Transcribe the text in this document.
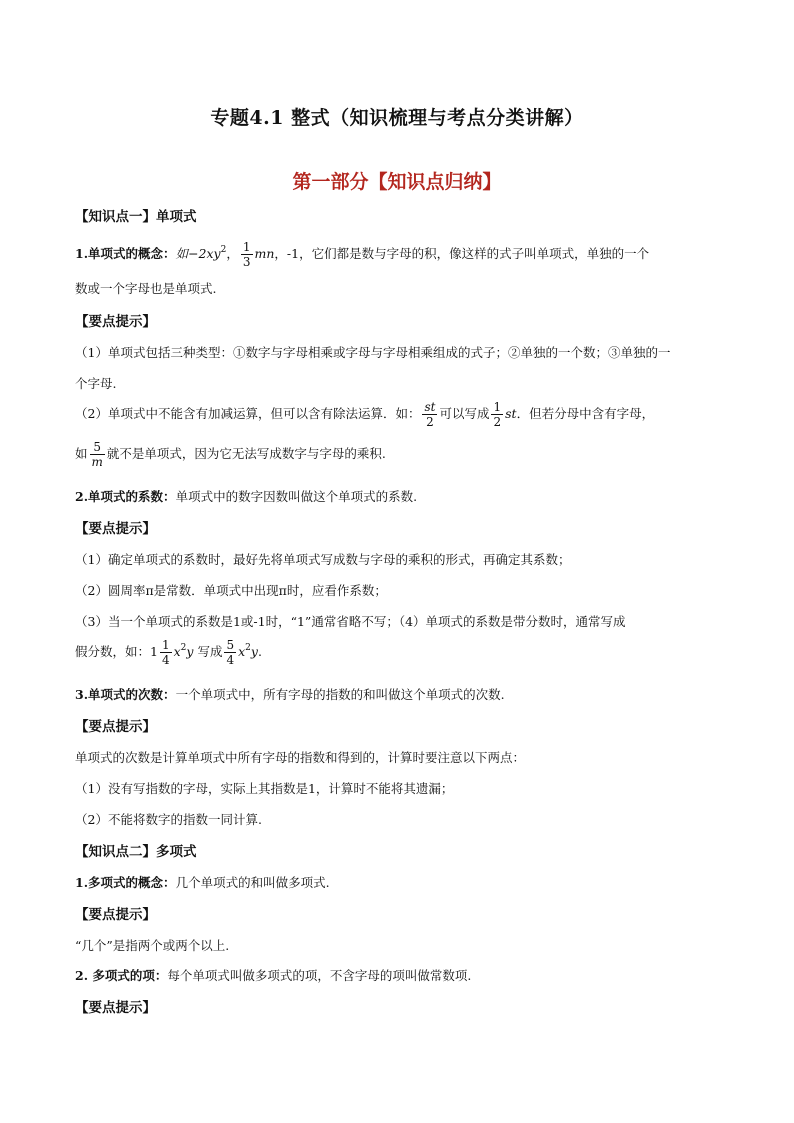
专题4.1 整式（知识梳理与考点分类讲解）
第一部分【知识点归纳】
【知识点一】单项式
1.单项式的概念：如$-2xy^2$， $\frac{1}{3}$ mn，-1，它们都是数与字母的积，像这样的式子叫单项式，单独的一个
数或一个字母也是单项式.
【要点提示】
（1）单项式包括三种类型：①数字与字母相乘或字母与字母相乘组成的式子；②单独的一个数；③单独的一
个字母.
（2）单项式中不能含有加减运算，但可以含有除法运算．如： $\frac{st}{2}$ 可以写成 $\frac{1}{2}$ st．但若分母中含有字母，
如 $\frac{5}{m}$ 就不是单项式，因为它无法写成数字与字母的乘积.
2.单项式的系数：单项式中的数字因数叫做这个单项式的系数.
【要点提示】
（1）确定单项式的系数时，最好先将单项式写成数与字母的乘积的形式，再确定其系数；
（2）圆周率π是常数．单项式中出现π时，应看作系数；
（3）当一个单项式的系数是1或-1时，“1”通常省略不写；（4）单项式的系数是带分数时，通常写成
假分数，如：$1 \frac{1}{4} x^2y$ 写成 $\frac{5}{4} x^2y$.
3.单项式的次数：一个单项式中，所有字母的指数的和叫做这个单项式的次数.
【要点提示】
单项式的次数是计算单项式中所有字母的指数和得到的，计算时要注意以下两点：
（1）没有写指数的字母，实际上其指数是1，计算时不能将其遗漏；
（2）不能将数字的指数一同计算.
【知识点二】多项式
1.多项式的概念：几个单项式的和叫做多项式.
【要点提示】
“几个”是指两个或两个以上.
2. 多项式的项：每个单项式叫做多项式的项，不含字母的项叫做常数项.
【要点提示】
